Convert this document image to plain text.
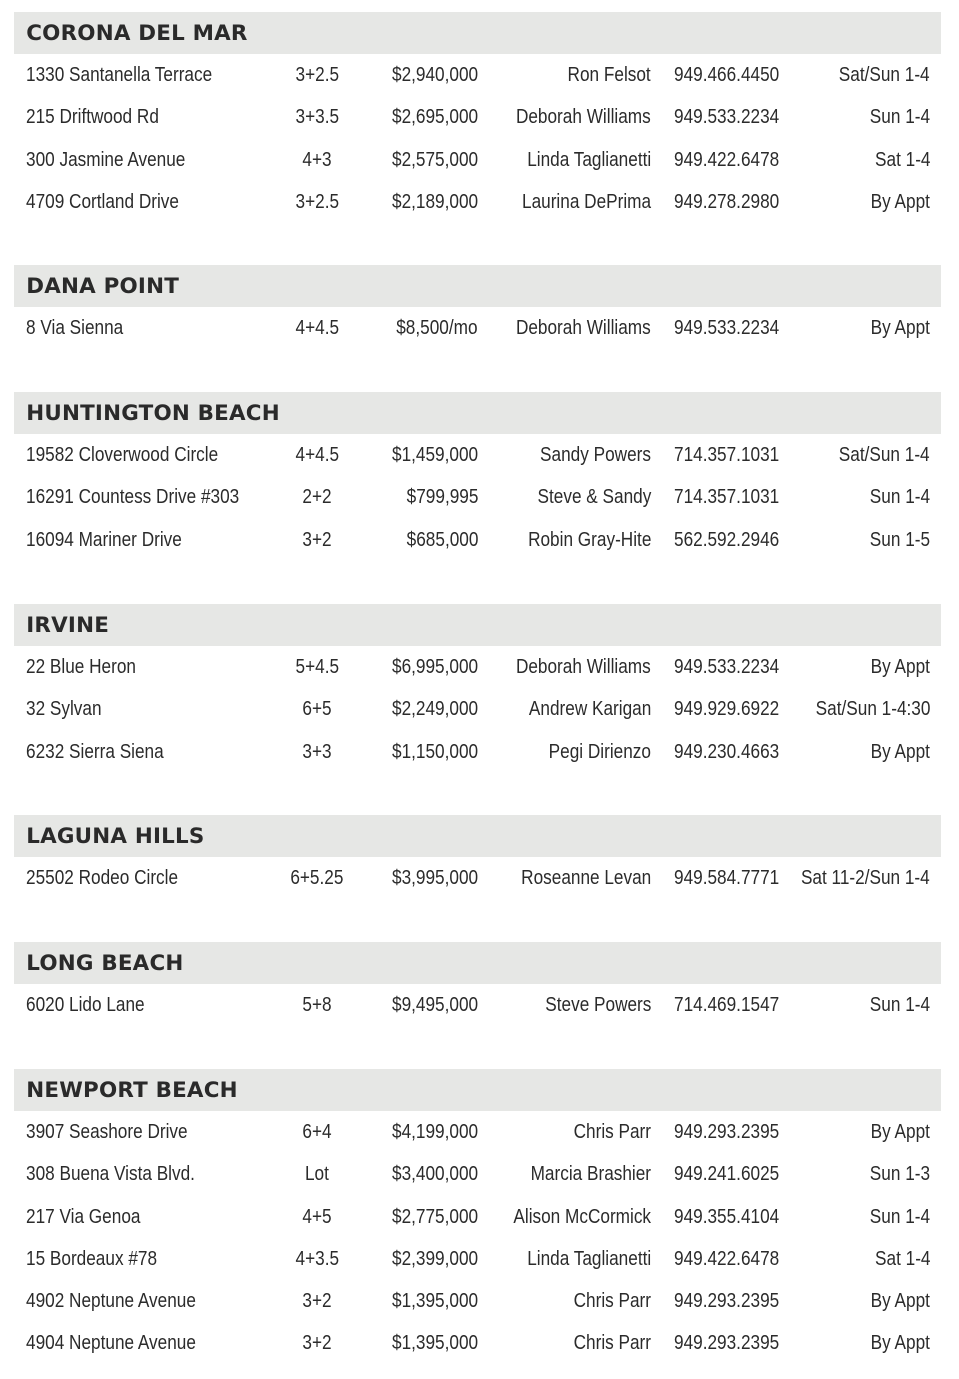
CORONA DEL MAR
1330 Santanella Terrace	3+2.5	$2,940,000	Ron Felsot 949.466.4450	Sat/Sun 1-4
215 Driftwood Rd	3+3.5	$2,695,000	Deborah Williams 949.533.2234	Sun 1-4
300 Jasmine Avenue	4+3	$2,575,000	Linda Taglianetti 949.422.6478	Sat 1-4
4709 Cortland Drive	3+2.5	$2,189,000	Laurina DePrima 949.278.2980	By Appt
DANA POINT
8 Via Sienna	4+4.5	$8,500/mo	Deborah Williams 949.533.2234	By Appt
HUNTINGTON BEACH
19582 Cloverwood Circle	4+4.5	$1,459,000	Sandy Powers 714.357.1031	Sat/Sun 1-4
16291 Countess Drive #303	2+2	$799,995	Steve & Sandy 714.357.1031	Sun 1-4
16094 Mariner Drive	3+2	$685,000	Robin Gray-Hite 562.592.2946	Sun 1-5
IRVINE
22 Blue Heron	5+4.5	$6,995,000	Deborah Williams 949.533.2234	By Appt
32 Sylvan	6+5	$2,249,000	Andrew Karigan 949.929.6922	Sat/Sun 1-4:30
6232 Sierra Siena	3+3	$1,150,000	Pegi Dirienzo 949.230.4663	By Appt
LAGUNA HILLS
25502 Rodeo Circle	6+5.25	$3,995,000	Roseanne Levan 949.584.7771	Sat 11-2/Sun 1-4
LONG BEACH
6020 Lido Lane	5+8	$9,495,000	Steve Powers 714.469.1547	Sun 1-4
NEWPORT BEACH
3907 Seashore Drive	6+4	$4,199,000	Chris Parr 949.293.2395	By Appt
308 Buena Vista Blvd.	Lot	$3,400,000	Marcia Brashier 949.241.6025	Sun 1-3
217 Via Genoa	4+5	$2,775,000	Alison McCormick 949.355.4104	Sun 1-4
15 Bordeaux #78	4+3.5	$2,399,000	Linda Taglianetti 949.422.6478	Sat 1-4
4902 Neptune Avenue	3+2	$1,395,000	Chris Parr 949.293.2395	By Appt
4904 Neptune Avenue	3+2	$1,395,000	Chris Parr 949.293.2395	By Appt
